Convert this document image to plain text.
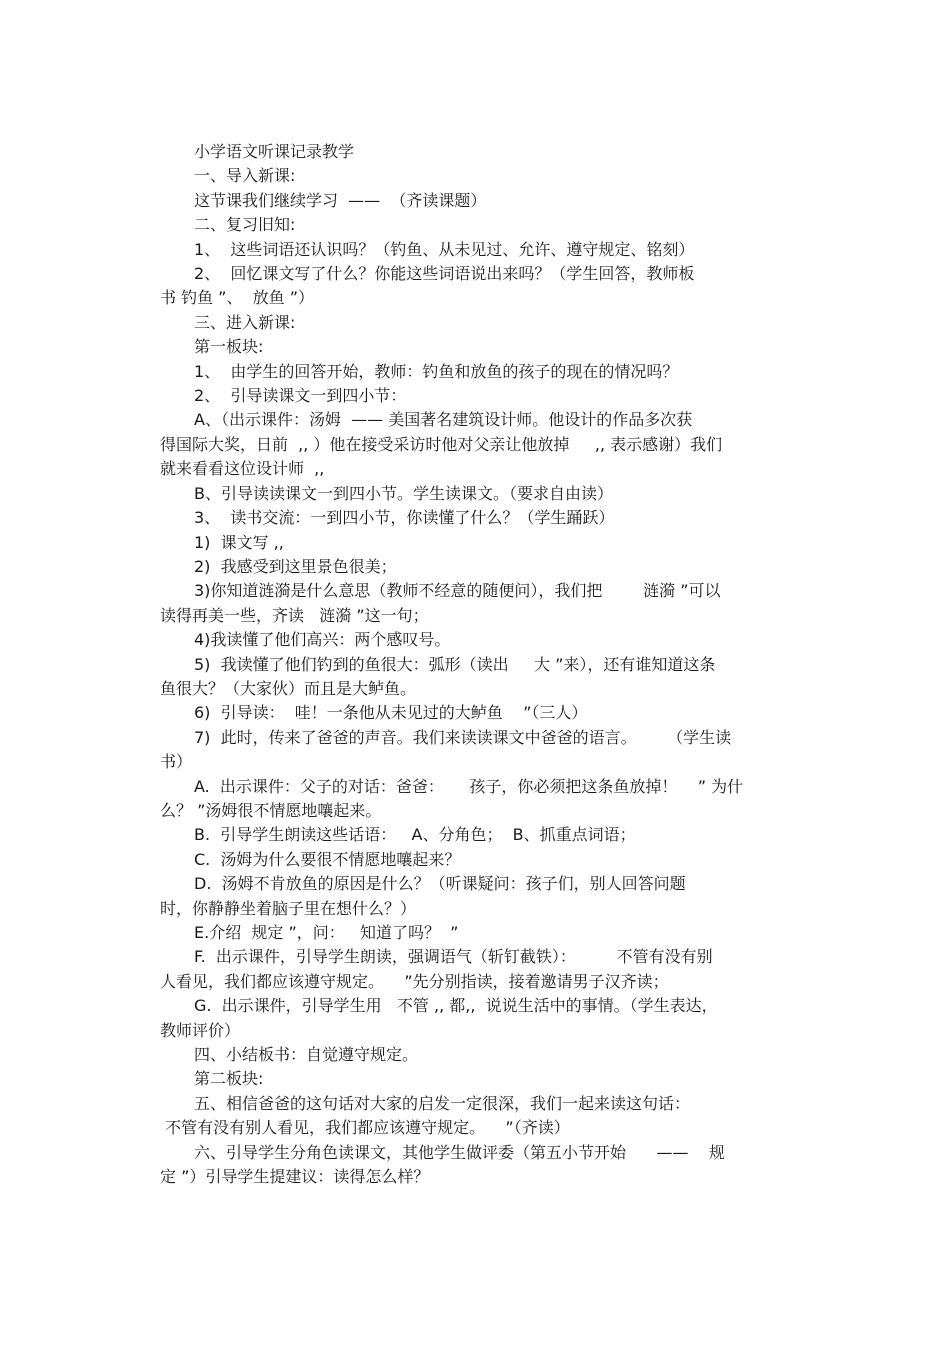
小学语文听课记录教学

一、导入新课:

这节课我们继续学习  ——  （齐读课题）

二、复习旧知:

1、  这些词语还认识吗？（钓鱼、从未见过、允许、遵守规定、铭刻）

2、  回忆课文写了什么？你能这些词语说出来吗？（学生回答，教师板

书 钓鱼 ”、  放鱼 ”）

三、进入新课:

第一板块:

1、  由学生的回答开始，教师：钓鱼和放鱼的孩子的现在的情况吗？

2、  引导读课文一到四小节：

A、（出示课件：汤姆  —— 美国著名建筑设计师。他设计的作品多次获

得国际大奖，日前  ,, ）他在接受采访时他对父亲让他放掉     ,, 表示感谢）我们

就来看看这位设计师  ,,

B、引导读读课文一到四小节。学生读课文。（要求自由读）

3、  读书交流：一到四小节，你读懂了什么？（学生踊跃）

1)  课文写 ,,

2)  我感受到这里景色很美；

3)你知道涟漪是什么意思（教师不经意的随便问），我们把        涟漪 ”可以

读得再美一些，齐读   涟漪 ”这一句；

4)我读懂了他们高兴：两个感叹号。

5)  我读懂了他们钓到的鱼很大：弧形（读出     大 ”来），还有谁知道这条

鱼很大？（大家伙）而且是大鲈鱼。

6)  引导读：  哇！一条他从未见过的大鲈鱼    ”（三人）

7)  此时，传来了爸爸的声音。我们来读读课文中爸爸的语言。      （学生读

书）

A.  出示课件：父子的对话：爸爸：     孩子，你必须把这条鱼放掉！    ” 为什

么？ ”汤姆很不情愿地嚷起来。

B.  引导学生朗读这些话语：   A、分角色；  B、抓重点词语；

C.  汤姆为什么要很不情愿地嚷起来？

D.  汤姆不肯放鱼的原因是什么？（听课疑问：孩子们，别人回答问题

时，你静静坐着脑子里在想什么？）

E.介绍  规定 ”，问：   知道了吗？  ”

F.  出示课件，引导学生朗读，强调语气（斩钉截铁）：        不管有没有别

人看见，我们都应该遵守规定。    ”先分别指读，接着邀请男子汉齐读；

G.  出示课件，引导学生用   不管 ,, 都,,  说说生活中的事情。（学生表达，

教师评价）

四、小结板书：自觉遵守规定。

第二板块:

五、相信爸爸的这句话对大家的启发一定很深，我们一起来读这句话：

不管有没有别人看见，我们都应该遵守规定。    ”（齐读）

六、引导学生分角色读课文，其他学生做评委（第五小节开始      ——    规

定 ”）引导学生提建议：读得怎么样？
